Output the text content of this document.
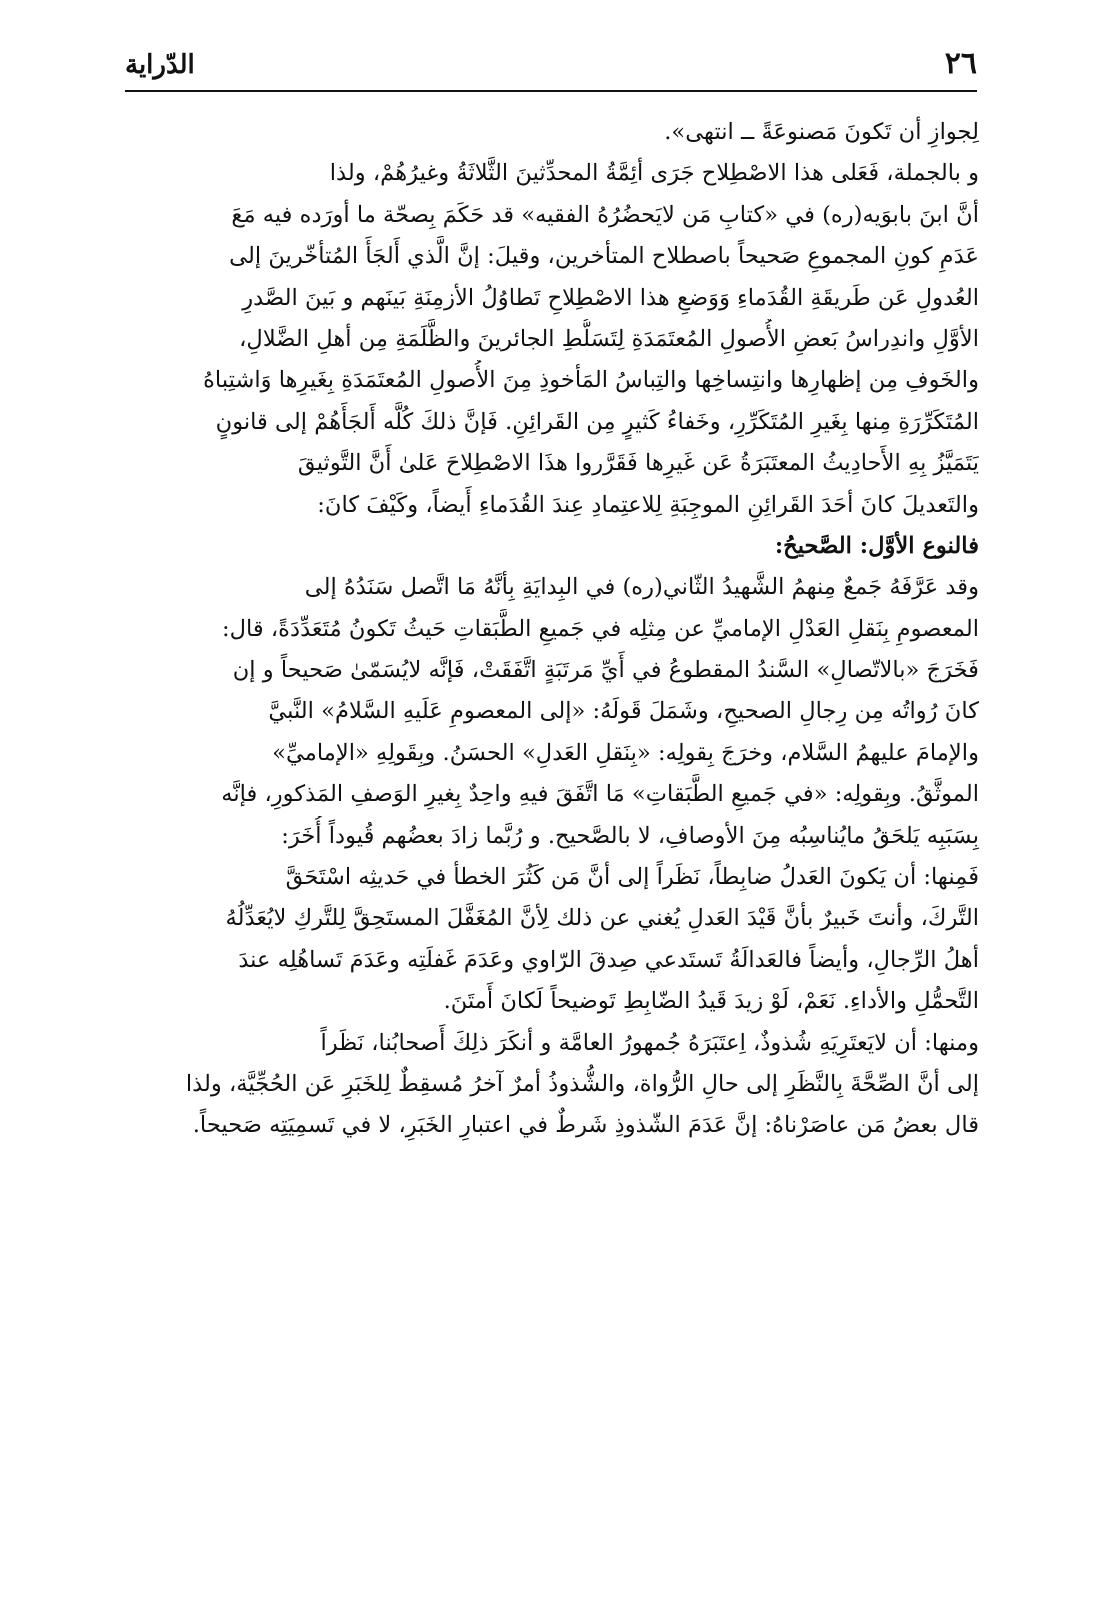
٢٦
الدّراية
لِجوازِ أن تَكونَ مَصنوعَةً ــ انتهى».
و بالجملة، فَعَلى هذا الاصْطِلاح جَرَى أئِمَّةُ المحدِّثينَ الثَّلاثَةُ وغيرُهُمْ، ولذا
أنَّ ابنَ بابوَيه(ره) في «كتابِ مَن لايَحضُرُهُ الفقيه» قد حَكَمَ بِصحّة ما أورَده فيه مَعَ
عَدَمِ كونِ المجموعِ صَحيحاً باصطلاح المتأخرين، وقيلَ: إنَّ الَّذي أَلجَأَ المُتأخّرينَ إلى
العُدولِ عَن طَريقَةِ القُدَماءِ وَوَضعِ هذا الاصْطِلاحِ تَطاوُلُ الأزمِنَةِ بَينَهم و بَينَ الصَّدرِ
الأوَّلِ واندِراسُ بَعضِ الأُصولِ المُعتَمَدَةِ لِتَسَلُّطِ الجائرينَ والظَّلَمَةِ مِن أهلِ الضَّلالِ،
والخَوفِ مِن إظهارِها وانتِساخِها والتِباسُ المَأخوذِ مِنَ الأُصولِ المُعتَمَدَةِ بِغَيرِها وَاشتِباهُ
المُتَكَرِّرَةِ مِنها بِغَيرِ المُتَكَرِّرِ، وخَفاءُ كَثيرٍ مِن القَرائِنِ. فَإنَّ ذلكَ كُلَّه أَلجَأَهُمْ إلى قانونٍ
يَتَمَيَّزُ بِهِ الأَحادِيثُ المعتَبَرَةُ عَن غَيرِها فَقَرَّروا هذَا الاصْطِلاحَ عَلىٰ أَنَّ التَّوثيقَ
والتَعديلَ كانَ أحَدَ القَرائِنِ الموجِبَةِ لِلاعتِمادِ عِندَ القُدَماءِ أَيضاً، وكَيْفَ كانَ:
فالنوع الأوَّل: الصَّحيحُ:
وقد عَرَّفَهُ جَمعٌ مِنهمُ الشَّهيدُ الثّاني(ره) في البِدايَةِ بِأنَّهُ مَا اتَّصل سَنَدُهُ إلى
المعصومِ بِنَقلِ العَدْلِ الإماميِّ عن مِثلِه في جَميعِ الطَّبَقاتِ حَيثُ تَكونُ مُتَعَدِّدَةً، قال:
فَخَرَجَ «بالاتّصالِ» السَّندُ المقطوعُ في أَيِّ مَرتَبَةٍ اتَّفَقَتْ، فَإنَّه لايُسَمّىٰ صَحيحاً و إن
كانَ رُواتُه مِن رِجالِ الصحيحِ، وشَمَلَ قَولَهُ: «إلى المعصومِ عَلَيهِ السَّلامُ» النَّبيَّ
والإمامَ عليهمُ السَّلام، وخرَجَ بِقولِه: «بِنَقلِ العَدلِ» الحسَنُ. وبِقَولِهِ «الإماميِّ»
الموثَّقُ. وبِقولِه: «في جَميعِ الطَّبَقاتِ» مَا اتَّفَقَ فيهِ واحِدٌ بِغيرِ الوَصفِ المَذكورِ، فإنَّه
بِسَبَبِه يَلحَقُ مايُناسِبُه مِنَ الأوصافِ، لا بالصَّحيح. و رُبَّما زادَ بعضُهم قُيوداً أُخَرَ:
فَمِنها: أن يَكونَ العَدلُ ضابِطاً، نَظَراً إلى أنَّ مَن كَثُرَ الخطأ في حَديثِه اسْتَحَقَّ
التَّركَ، وأنتَ خَبيرٌ بأنَّ قَيْدَ العَدلِ يُغني عن ذلك لِأنَّ المُغَفَّلَ المستَحِقَّ لِلتَّركِ لايُعَدِّلُهُ
أهلُ الرِّجالِ، وأيضاً فالعَدالَةُ تَستَدعي صِدقَ الرّاوي وعَدَمَ غَفلَتِه وعَدَمَ تَساهُلِه عندَ
التَّحمُّلِ والأداءِ. نَعَمْ، لَوْ زيدَ قَيدُ الضّابِطِ تَوضيحاً لَكانَ أَمتَنَ.
ومنها: أن لايَعتَرِيَهِ شُذوذٌ، اِعتَبَرَهُ جُمهورُ العامَّة و أنكَرَ ذلِكَ أَصحابُنا، نَظَراً
إلى أنَّ الصِّحَّةَ بِالنَّظَرِ إلى حالِ الرُّواة، والشُّذوذُ أمرٌ آخرُ مُسقِطٌ لِلخَبَرِ عَن الحُجِّيَّة، ولذا
قال بعضُ مَن عاصَرْناهُ: إنَّ عَدَمَ الشّذوذِ شَرطٌ في اعتبارِ الخَبَرِ، لا في تَسمِيَتِه صَحيحاً.
